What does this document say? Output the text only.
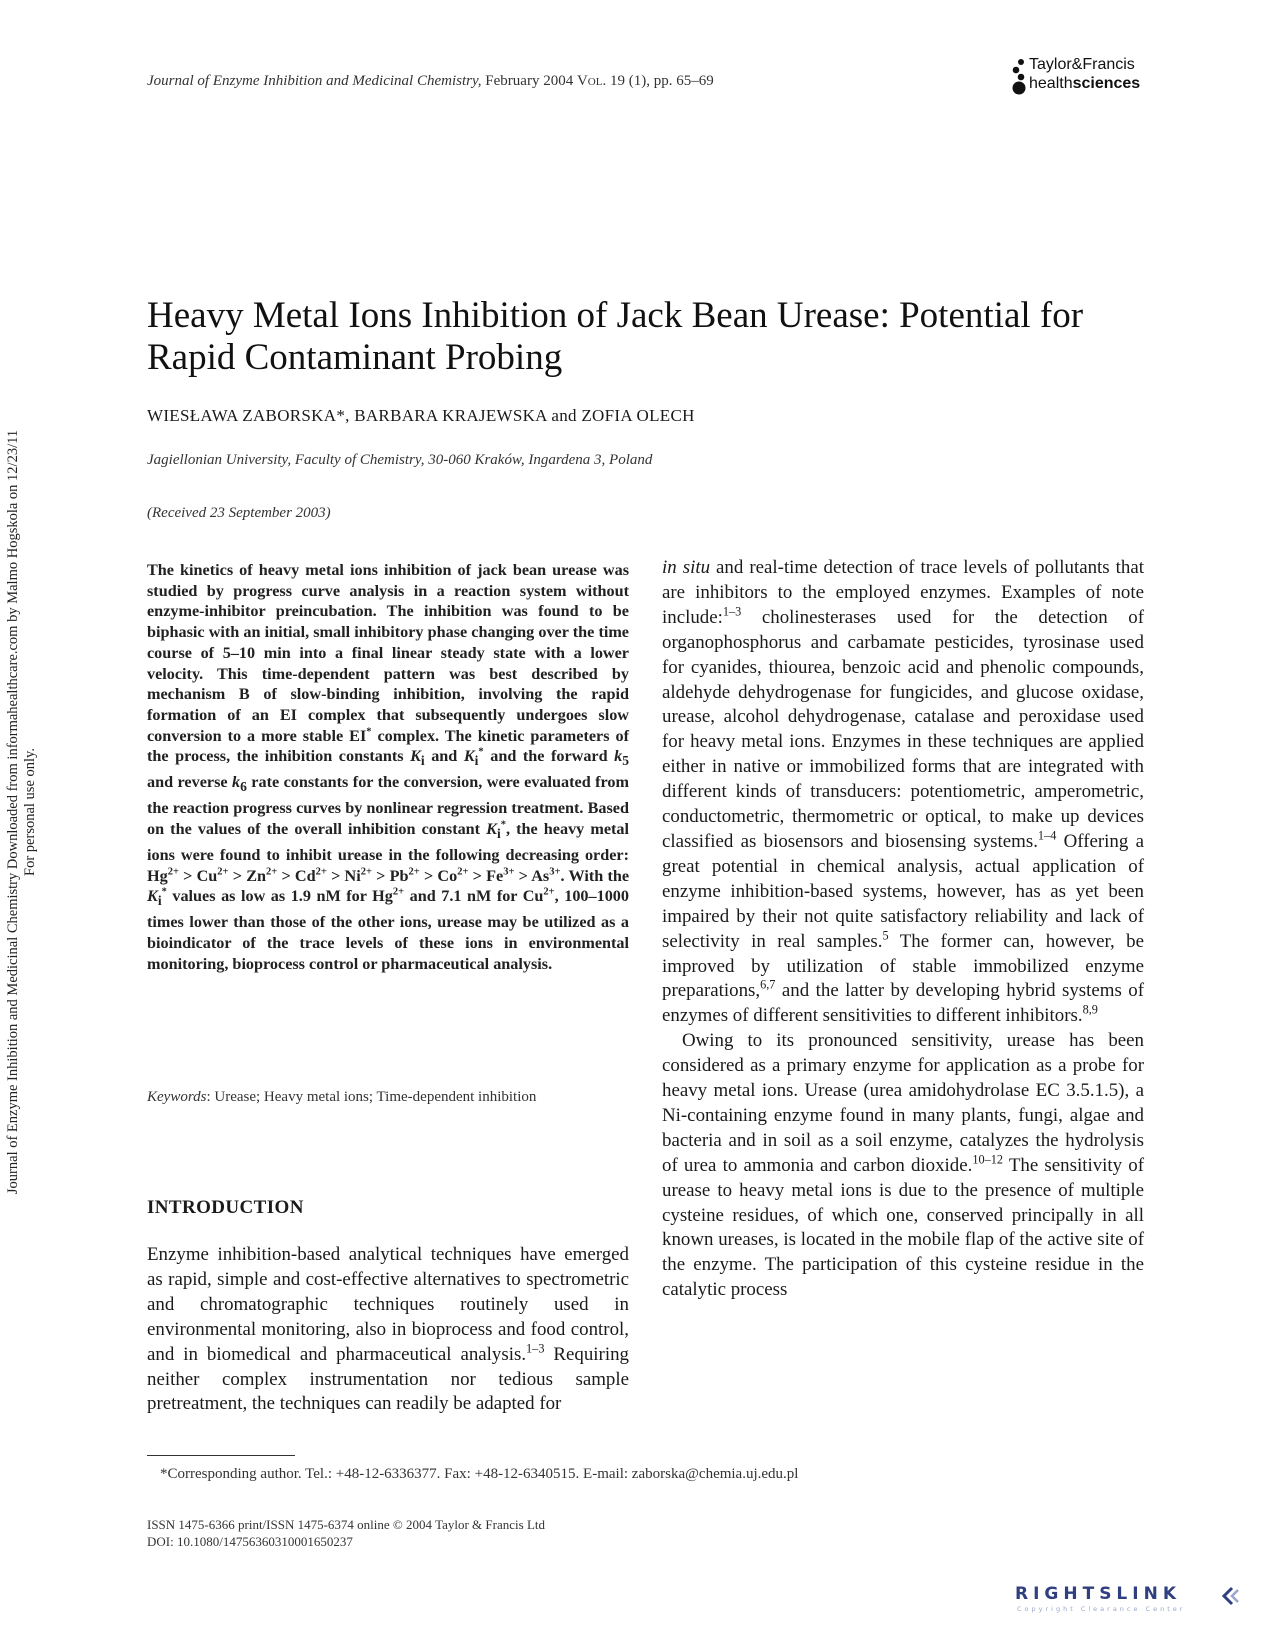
Journal of Enzyme Inhibition and Medicinal Chemistry, February 2004 Vol. 19 (1), pp. 65–69
Taylor&Francis
healthsciences
Journal of Enzyme Inhibition and Medicinal Chemistry Downloaded from informahealthcare.com by Malmo Hogskola on 12/23/11 For personal use only.
Heavy Metal Ions Inhibition of Jack Bean Urease: Potential for Rapid Contaminant Probing
WIESŁAWA ZABORSKA*, BARBARA KRAJEWSKA and ZOFIA OLECH
Jagiellonian University, Faculty of Chemistry, 30-060 Kraków, Ingardena 3, Poland
(Received 23 September 2003)

The kinetics of heavy metal ions inhibition of jack bean urease was studied by progress curve analysis in a reaction system without enzyme-inhibitor preincubation. The inhibition was found to be biphasic with an initial, small inhibitory phase changing over the time course of 5–10 min into a final linear steady state with a lower velocity. This time-dependent pattern was best described by mechanism B of slow-binding inhibition, involving the rapid formation of an EI complex that subsequently undergoes slow conversion to a more stable EI* complex. The kinetic parameters of the process, the inhibition constants $K_i$ and $K_i^*$ and the forward $k_5$ and reverse $k_6$ rate constants for the conversion, were evaluated from the reaction progress curves by nonlinear regression treatment. Based on the values of the overall inhibition constant $K_i^*$, the heavy metal ions were found to inhibit urease in the following decreasing order: $Hg^{2+} > Cu^{2+} > Zn^{2+} > Cd^{2+} > Ni^{2+} > Pb^{2+} > Co^{2+} > Fe^{3+} > As^{3+}$. With the $K_i^*$ values as low as 1.9 nM for $Hg^{2+}$ and 7.1 nM for $Cu^{2+}$, 100–1000 times lower than those of the other ions, urease may be utilized as a bioindicator of the trace levels of these ions in environmental monitoring, bioprocess control or pharmaceutical analysis.

Keywords: Urease; Heavy metal ions; Time-dependent inhibition
INTRODUCTION

Enzyme inhibition-based analytical techniques have emerged as rapid, simple and cost-effective alternatives to spectrometric and chromatographic techniques routinely used in environmental monitoring, also in bioprocess and food control, and in biomedical and pharmaceutical analysis.$^{1-3}$ Requiring neither complex instrumentation nor tedious sample pretreatment, the techniques can readily be adapted for

in situ and real-time detection of trace levels of pollutants that are inhibitors to the employed enzymes. Examples of note include:$^{1-3}$ cholinesterases used for the detection of organophosphorus and carbamate pesticides, tyrosinase used for cyanides, thiourea, benzoic acid and phenolic compounds, aldehyde dehydrogenase for fungicides, and glucose oxidase, urease, alcohol dehydrogenase, catalase and peroxidase used for heavy metal ions. Enzymes in these techniques are applied either in native or immobilized forms that are integrated with different kinds of transducers: potentiometric, amperometric, conductometric, thermometric or optical, to make up devices classified as biosensors and biosensing systems.$^{1-4}$ Offering a great potential in chemical analysis, actual application of enzyme inhibition-based systems, however, has as yet been impaired by their not quite satisfactory reliability and lack of selectivity in real samples.$^5$ The former can, however, be improved by utilization of stable immobilized enzyme preparations,$^{6,7}$ and the latter by developing hybrid systems of enzymes of different sensitivities to different inhibitors.$^{8,9}$

Owing to its pronounced sensitivity, urease has been considered as a primary enzyme for application as a probe for heavy metal ions. Urease (urea amidohydrolase EC 3.5.1.5), a Ni-containing enzyme found in many plants, fungi, algae and bacteria and in soil as a soil enzyme, catalyzes the hydrolysis of urea to ammonia and carbon dioxide.$^{10-12}$ The sensitivity of urease to heavy metal ions is due to the presence of multiple cysteine residues, of which one, conserved principally in all known ureases, is located in the mobile flap of the active site of the enzyme. The participation of this cysteine residue in the catalytic process

*Corresponding author. Tel.: +48-12-6336377. Fax: +48-12-6340515. E-mail: zaborska@chemia.uj.edu.pl
ISSN 1475-6366 print/ISSN 1475-6374 online © 2004 Taylor & Francis Ltd
DOI: 10.1080/14756360310001650237
RIGHTSLINK
Copyright Clearance Center
